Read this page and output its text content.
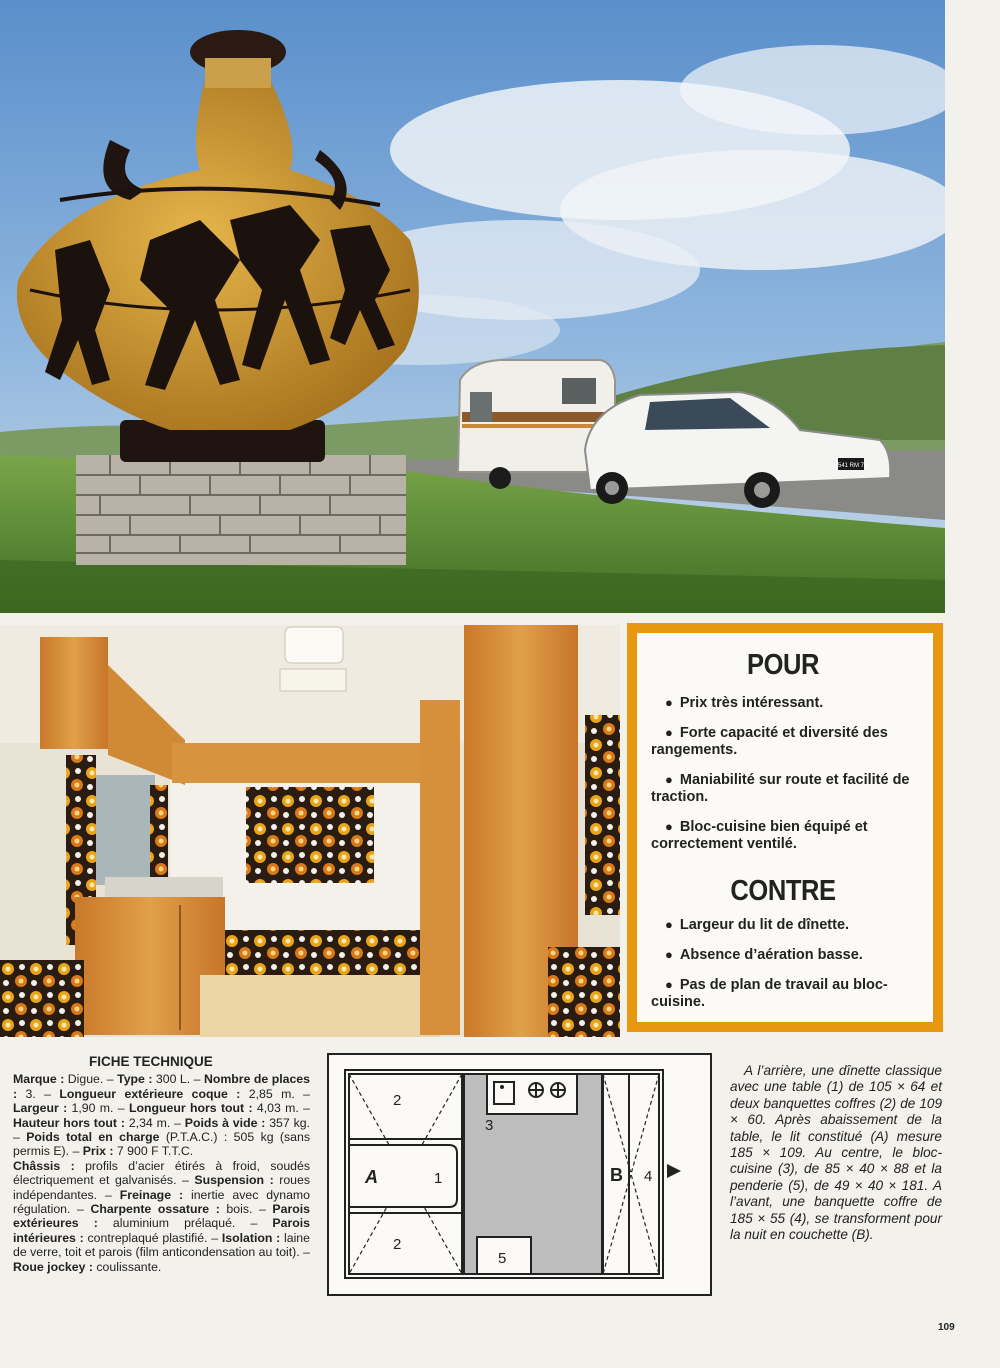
7541 RM 75
POUR
● Prix très intéressant.
● Forte capacité et diversité des rangements.
● Maniabilité sur route et facilité de traction.
● Bloc-cuisine bien équipé et correctement ventilé.
CONTRE
● Largeur du lit de dînette.
● Absence d’aération basse.
● Pas de plan de travail au bloc-cuisine.
FICHE TECHNIQUE

Marque : Digue. – Type : 300 L. – Nombre de places : 3. – Longueur extérieure coque : 2,85 m. – Largeur : 1,90 m. – Longueur hors tout : 4,03 m. – Hauteur hors tout : 2,34 m. – Poids à vide : 357 kg. – Poids total en charge (P.T.A.C.) : 505 kg (sans permis E). – Prix : 7 900 F T.T.C.

Châssis : profils d’acier étirés à froid, soudés électriquement et galvanisés. – Suspension : roues indépendantes. – Freinage : inertie avec dynamo régulation. – Charpente ossature : bois. – Parois extérieures : aluminium prélaqué. – Parois intérieures : contreplaqué plastifié. – Isolation : laine de verre, toit et parois (film anticondensation au toit). – Roue jockey : coulissante.

2
2
A	1
3
B 4
5
A l’arrière, une dînette classique avec une table (1) de 105 × 64 et deux banquettes coffres (2) de 109 × 60. Après abaissement de la table, le lit constitué (A) mesure 185 × 109. Au centre, le bloc-cuisine (3), de 85 × 40 × 88 et la penderie (5), de 49 × 40 × 181. A l’avant, une banquette coffre de 185 × 55 (4), se transforment pour la nuit en couchette (B).
109
